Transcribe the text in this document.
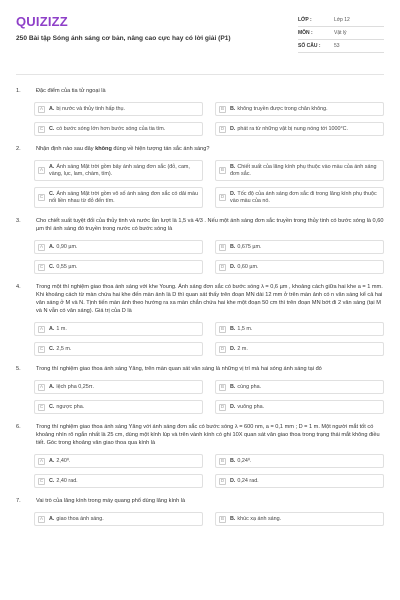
QUIZIZZ
250 Bài tập Sóng ánh sáng cơ bản, nâng cao cực hay có lời giải (P1)
LỚP :	Lớp 12
MÔN :	Vật lý
SỐ CÂU :	53
1.	Đặc điểm của tia tử ngoại là
A	A. bị nước và thủy tinh hấp thụ.	B	B. không truyền được trong chân không.
C	C. có bước sóng lớn hơn bước sóng của tia tím.	D	D. phát ra từ những vật bị nung nóng tới 1000°C.
2.	Nhận định nào sau đây không đúng về hiện tượng tán sắc ánh sáng?
A	A. Ánh sáng Mặt trời gồm bảy ánh sáng đơn sắc (đỏ, cam, vàng, lục, lam, chàm, tím).
B	B. Chiết suất của lăng kính phụ thuộc vào màu của ánh sáng đơn sắc.
C	C. Ánh sáng Mặt trời gồm vô số ánh sáng đơn sắc có dải màu nối liền nhau từ đỏ đến tím.
D	D. Tốc độ của ánh sáng đơn sắc đi trong lăng kính phụ thuộc vào màu của nó.
3.	Cho chiết suất tuyệt đối của thủy tinh và nước lần lượt là 1,5 và 4/3 . Nếu một ánh sáng đơn sắc truyền trong thủy tinh có bước sóng là 0,60 µm thì ánh sáng đó truyền trong nước có bước sóng là
A	A. 0,90 µm.	B	B. 0,675 µm.
C	C. 0,55 µm.	D	D. 0,60 µm.
4.	Trong một thí nghiệm giao thoa ánh sáng với khe Young. Ánh sáng đơn sắc có bước sóng λ = 0,6 µm , khoảng cách giữa hai khe a = 1 mm. Khi khoảng cách từ màn chứa hai khe đến màn ảnh là D thì quan sát thấy trên đoạn MN dài 12 mm ở trên màn ảnh có n vân sáng kể cả hai vân sáng ở M và N. Tịnh tiến màn ảnh theo hướng ra xa màn chắn chứa hai khe một đoạn 50 cm thì trên đoạn MN bớt đi 2 vân sáng (tại M và N vẫn có vân sáng). Giá trị của D là
A	A. 1 m.	B	B. 1,5 m.
C	C. 2,5 m.	D	D. 2 m.
5.	Trong thí nghiệm giao thoa ánh sáng Yâng, trên màn quan sát vân sáng là những vị trí mà hai sóng ánh sáng tại đó
A	A. lệch pha 0,25π.	B	B. cùng pha.
C	C. ngược pha.	D	D. vuông pha.
6.	Trong thí nghiệm giao thoa ánh sáng Yâng với ánh sáng đơn sắc có bước sóng λ = 600 nm, a = 0,1 mm ; D = 1 m. Một người mắt tốt có khoảng nhìn rõ ngắn nhất là 25 cm, dùng một kính lúp và trên vành kính có ghi 10X quan sát vân giao thoa trong trạng thái mắt không điều tiết. Góc trong khoảng vân giao thoa qua kính là
A	A. 2,40⁰.	B	B. 0,24⁰.
C	C. 2,40 rad.	D	D. 0,24 rad.
7.	Vai trò của lăng kính trong máy quang phổ dùng lăng kính là
A	A. giao thoa ánh sáng.	B	B. khúc xạ ánh sáng.
